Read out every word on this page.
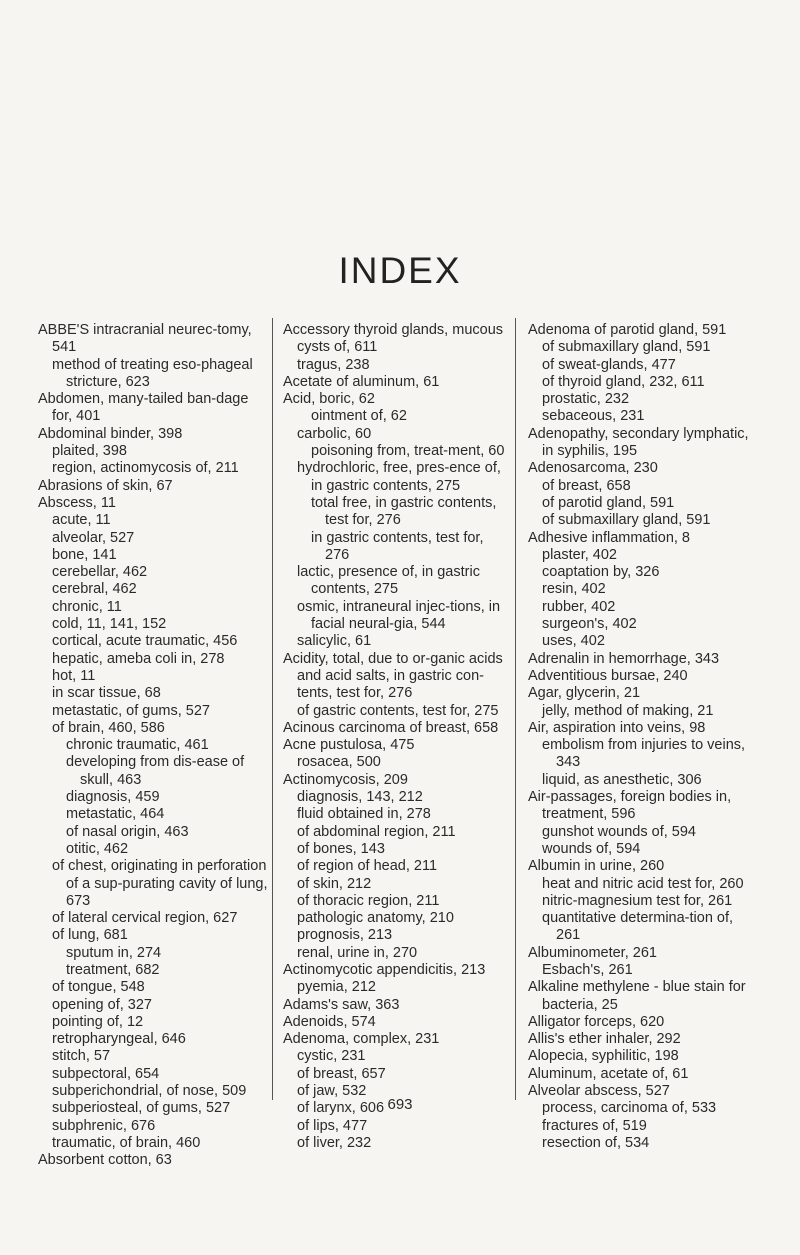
INDEX
ABBE'S intracranial neurec-tomy, 541
method of treating eso-phageal stricture, 623
Abdomen, many-tailed ban-dage for, 401
Abdominal binder, 398
plaited, 398
region, actinomycosis of, 211
Abrasions of skin, 67
Abscess, 11
acute, 11
alveolar, 527
bone, 141
cerebellar, 462
cerebral, 462
chronic, 11
cold, 11, 141, 152
cortical, acute traumatic, 456
hepatic, ameba coli in, 278
hot, 11
in scar tissue, 68
metastatic, of gums, 527
of brain, 460, 586
chronic traumatic, 461
developing from dis-ease of skull, 463
diagnosis, 459
metastatic, 464
of nasal origin, 463
otitic, 462
of chest, originating in perforation of a sup-purating cavity of lung, 673
of lateral cervical region, 627
of lung, 681
sputum in, 274
treatment, 682
of tongue, 548
opening of, 327
pointing of, 12
retropharyngeal, 646
stitch, 57
subpectoral, 654
subperichondrial, of nose, 509
subperiosteal, of gums, 527
subphrenic, 676
traumatic, of brain, 460
Absorbent cotton, 63
Accessory thyroid glands, mucous cysts of, 611
tragus, 238
Acetate of aluminum, 61
Acid, boric, 62
ointment of, 62
carbolic, 60
poisoning from, treat-ment, 60
hydrochloric, free, pres-ence of, in gastric contents, 275
total free, in gastric contents, test for, 276
in gastric contents, test for, 276
lactic, presence of, in gastric contents, 275
osmic, intraneural injec-tions, in facial neural-gia, 544
salicylic, 61
Acidity, total, due to or-ganic acids and acid salts, in gastric con-tents, test for, 276
of gastric contents, test for, 275
Acinous carcinoma of breast, 658
Acne pustulosa, 475
rosacea, 500
Actinomycosis, 209
diagnosis, 143, 212
fluid obtained in, 278
of abdominal region, 211
of bones, 143
of region of head, 211
of skin, 212
of thoracic region, 211
pathologic anatomy, 210
prognosis, 213
renal, urine in, 270
Actinomycotic appendicitis, 213
pyemia, 212
Adams's saw, 363
Adenoids, 574
Adenoma, complex, 231
cystic, 231
of breast, 657
of jaw, 532
of larynx, 606
of lips, 477
of liver, 232
Adenoma of parotid gland, 591
of submaxillary gland, 591
of sweat-glands, 477
of thyroid gland, 232, 611
prostatic, 232
sebaceous, 231
Adenopathy, secondary lymphatic, in syphilis, 195
Adenosarcoma, 230
of breast, 658
of parotid gland, 591
of submaxillary gland, 591
Adhesive inflammation, 8
plaster, 402
coaptation by, 326
resin, 402
rubber, 402
surgeon's, 402
uses, 402
Adrenalin in hemorrhage, 343
Adventitious bursae, 240
Agar, glycerin, 21
jelly, method of making, 21
Air, aspiration into veins, 98
embolism from injuries to veins, 343
liquid, as anesthetic, 306
Air-passages, foreign bodies in, treatment, 596
gunshot wounds of, 594
wounds of, 594
Albumin in urine, 260
heat and nitric acid test for, 260
nitric-magnesium test for, 261
quantitative determina-tion of, 261
Albuminometer, 261
Esbach's, 261
Alkaline methylene - blue stain for bacteria, 25
Alligator forceps, 620
Allis's ether inhaler, 292
Alopecia, syphilitic, 198
Aluminum, acetate of, 61
Alveolar abscess, 527
process, carcinoma of, 533
fractures of, 519
resection of, 534
693
